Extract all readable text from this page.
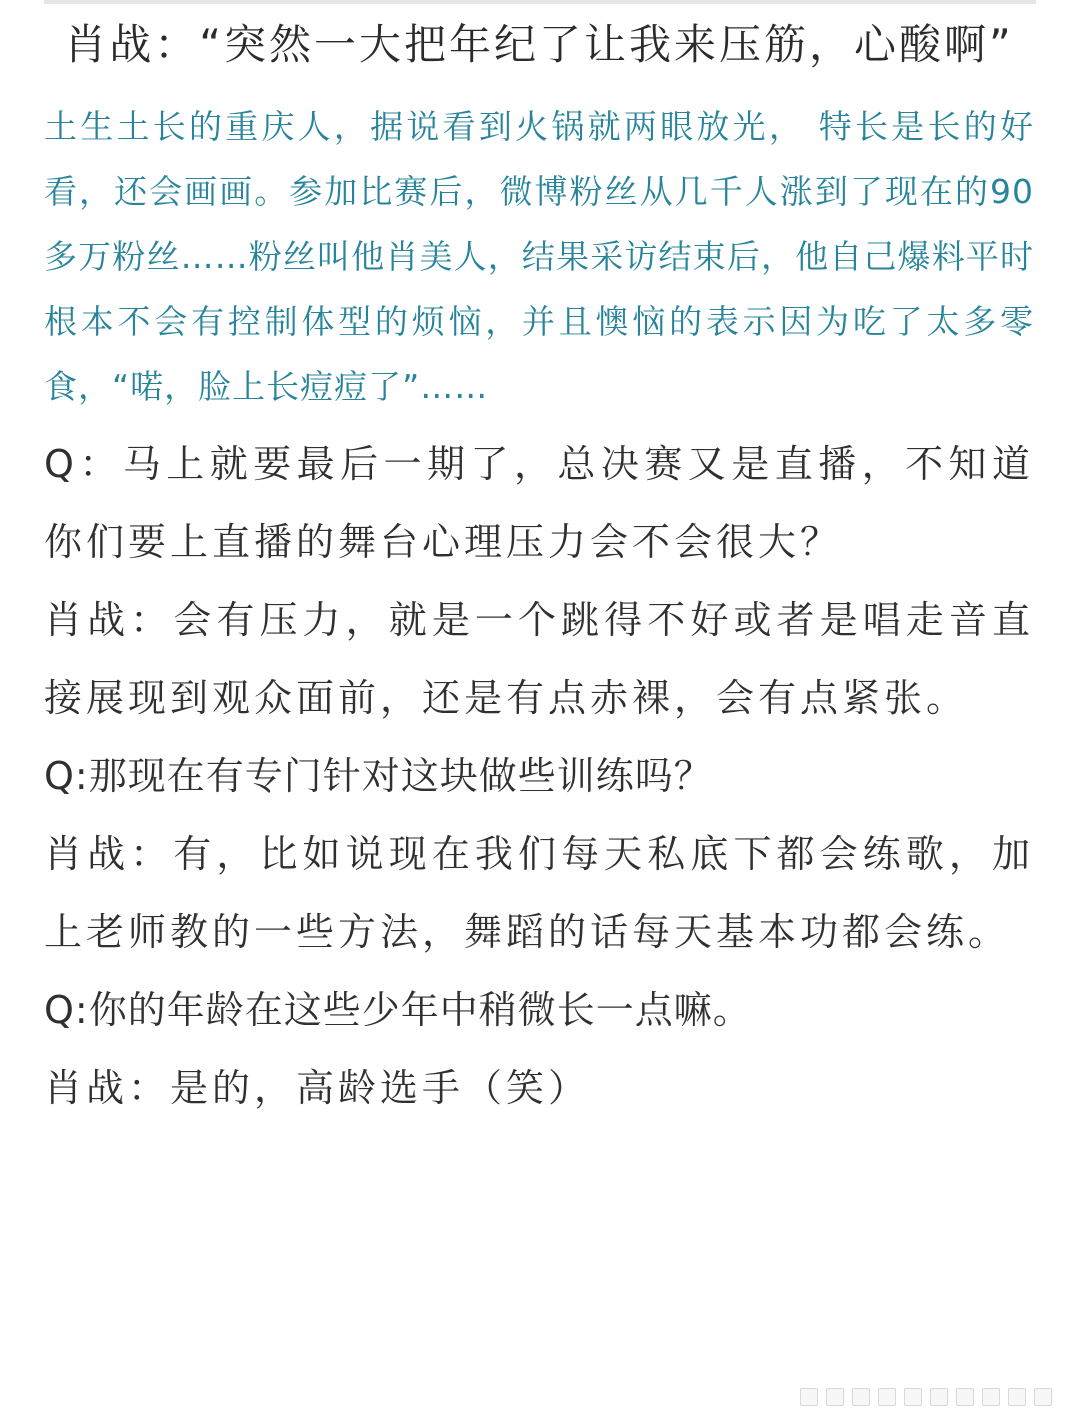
肖战：“突然一大把年纪了让我来压筋，心酸啊”
土生土长的重庆人，据说看到火锅就两眼放光， 特长是长的好看，还会画画。参加比赛后，微博粉丝从几千人涨到了现在的90多万粉丝……粉丝叫他肖美人，结果采访结束后，他自己爆料平时根本不会有控制体型的烦恼，并且懊恼的表示因为吃了太多零食，“喏，脸上长痘痘了”……
Q：马上就要最后一期了，总决赛又是直播，不知道你们要上直播的舞台心理压力会不会很大？
肖战：会有压力，就是一个跳得不好或者是唱走音直接展现到观众面前，还是有点赤裸，会有点紧张。
Q:那现在有专门针对这块做些训练吗？
肖战：有，比如说现在我们每天私底下都会练歌，加上老师教的一些方法，舞蹈的话每天基本功都会练。
Q:你的年龄在这些少年中稍微长一点嘛。
肖战：是的，高龄选手（笑）
